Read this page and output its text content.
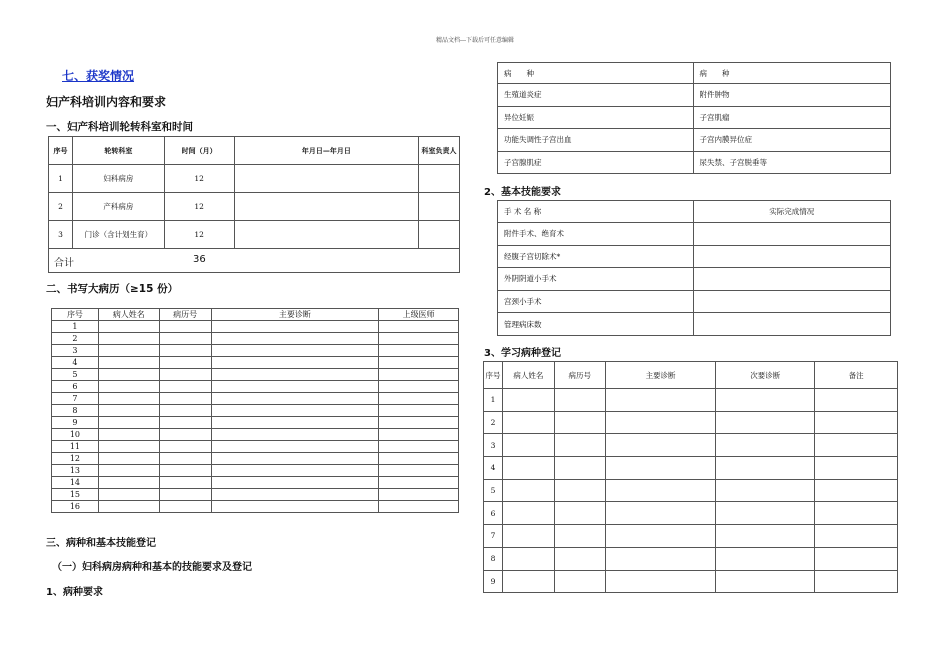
精品文档---下载后可任意编辑
七、获奖情况
妇产科培训内容和要求
一、妇产科培训轮转科室和时间
序号	轮转科室	时间（月）	年月日—年月日	科室负责人
1	妇科病房	12		
2	产科病房	12		
3	门诊（含计划生育）	12		

合计 36				
二、书写大病历（≥15 份）
序号	病人姓名	病历号	主要诊断	上级医师
1				
2				
3				
4				
5				
6				
7				
8				
9				
10				
11				
12				
13				
14				
15				
16				
三、病种和基本技能登记
（一）妇科病房病种和基本的技能要求及登记
1、病种要求
病　　种	病　　种
生殖道炎症	附件肿物
异位妊娠	子宫肌瘤
功能失调性子宫出血	子宫内膜异位症
子宫腺肌症	尿失禁、子宫脱垂等
2、基本技能要求
手 术 名 称	实际完成情况
附件手术、绝育术	
经腹子宫切除术*	
外阴阴道小手术	
宫颈小手术	
管理病床数	
3、学习病种登记
序号	病人姓名	病历号	主要诊断	次要诊断	备注
1					
2					
3					
4					
5					
6					
7					
8					
9					
